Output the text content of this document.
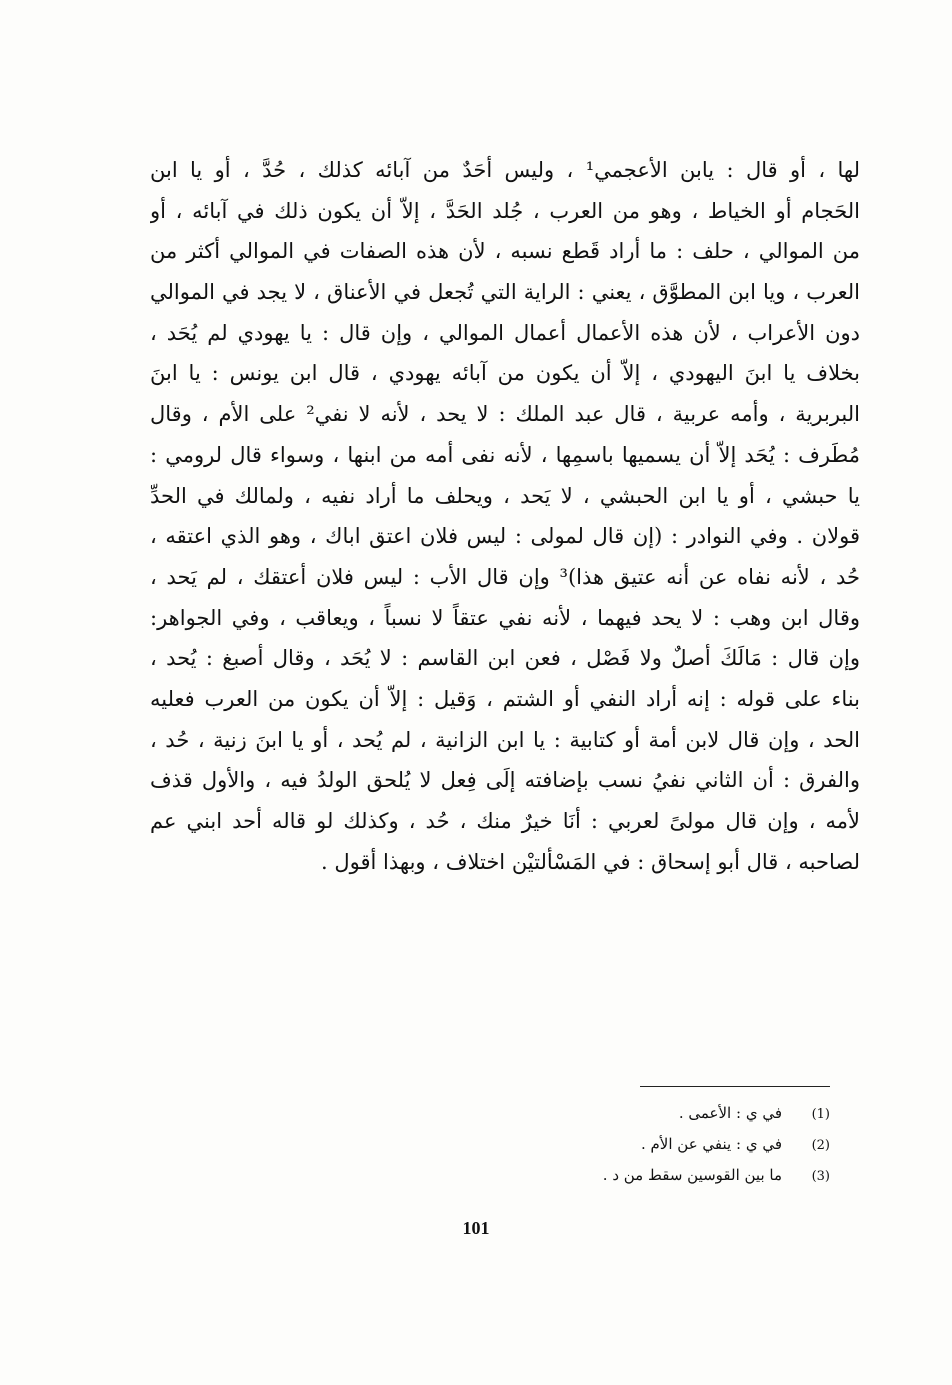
لها ، أو قال : يابن الأعجمي¹ ، وليس أحَدٌ من آبائه كذلك ، حُدَّ ، أو يا ابن
الحَجام أو الخياط ، وهو من العرب ، جُلد الحَدَّ ، إلاّ أن يكون ذلك في آبائه ، أو
من الموالي ، حلف : ما أراد قَطع نسبه ، لأن هذه الصفات في الموالي أكثر من
العرب ، ويا ابن المطوَّق ، يعني : الراية التي تُجعل في الأعناق ، لا يجد في الموالي
دون الأعراب ، لأن هذه الأعمال أعمال الموالي ، وإن قال : يا يهودي لم يُحَد ،
بخلاف يا ابنَ اليهودي ، إلاّ أن يكون من آبائه يهودي ، قال ابن يونس : يا ابنَ
البربرية ، وأمه عربية ، قال عبد الملك : لا يحد ، لأنه لا نفي² على الأم ، وقال
مُطَرف : يُحَد إلاّ أن يسميها باسمِها ، لأنه نفى أمه من ابنها ، وسواء قال لرومي :
يا حبشي ، أو يا ابن الحبشي ، لا يَحد ، ويحلف ما أراد نفيه ، ولمالك في الحدِّ
قولان . وفي النوادر : (إن قال لمولى : ليس فلان اعتق اباك ، وهو الذي اعتقه ،
حُد ، لأنه نفاه عن أنه عتيق هذا)³ وإن قال الأب : ليس فلان أعتقك ، لم يَحد ،
وقال ابن وهب : لا يحد فيهما ، لأنه نفي عتقاً لا نسباً ، ويعاقب ، وفي الجواهر:
وإن قال : مَالَكَ أصلٌ ولا فَصْل ، فعن ابن القاسم : لا يُحَد ، وقال أصبغ : يُحد ،
بناء على قوله : إنه أراد النفي أو الشتم ، وَقيل : إلاّ أن يكون من العرب فعليه
الحد ، وإن قال لابن أمة أو كتابية : يا ابن الزانية ، لم يُحد ، أو يا ابنَ زنية ، حُد ،
والفرق : أن الثاني نفيُ نسب بإضافته إلَى فِعل لا يُلحق الولدُ فيه ، والأول قذف
لأمه ، وإن قال مولىً لعربي : أنَا خيرٌ منك ، حُد ، وكذلك لو قاله أحد ابني عم
لصاحبه ، قال أبو إسحاق : في المَسْألتيْن اختلاف ، وبهذا أقول .
(1)
في ي : الأعمى .
(2)
في ي : ينفي عن الأم .
(3)
ما بين القوسين سقط من د .
101
